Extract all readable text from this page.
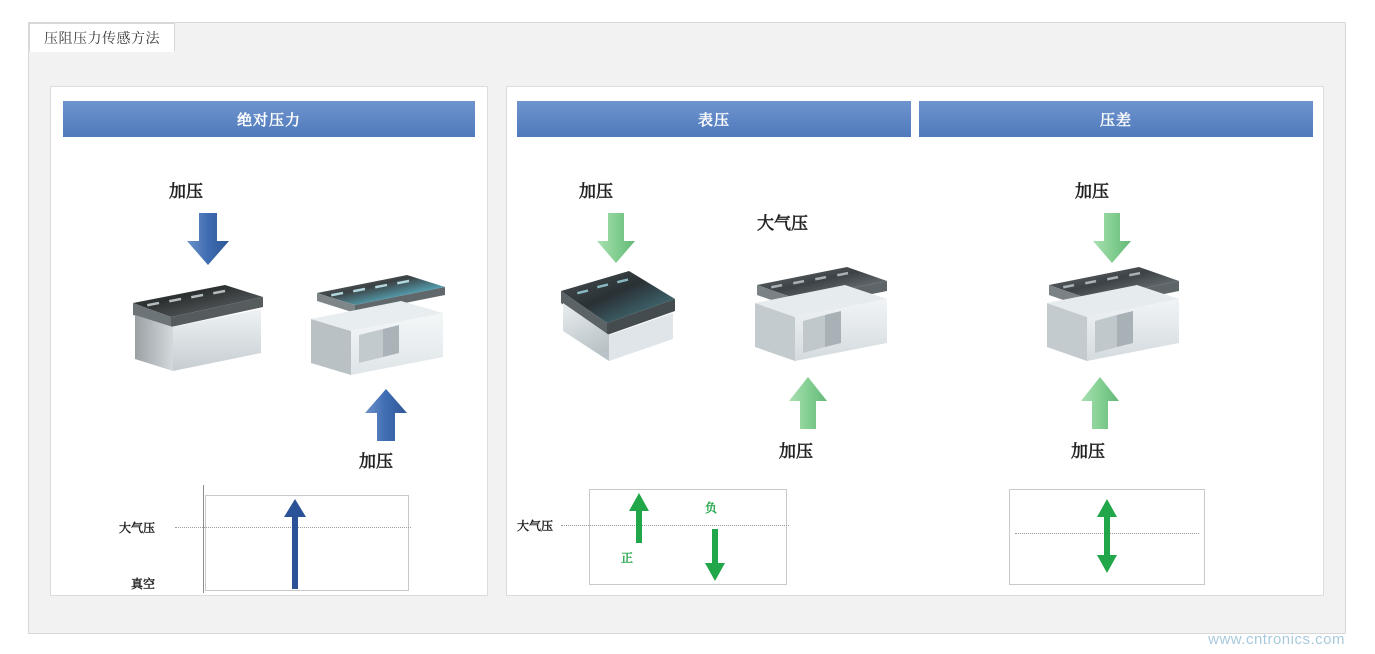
压阻压力传感方法
绝对压力
加压
加压
大气压
真空
表压
加压
大气压
加压
大气压
正
负
压差
加压
加压
www.cntronics.com
